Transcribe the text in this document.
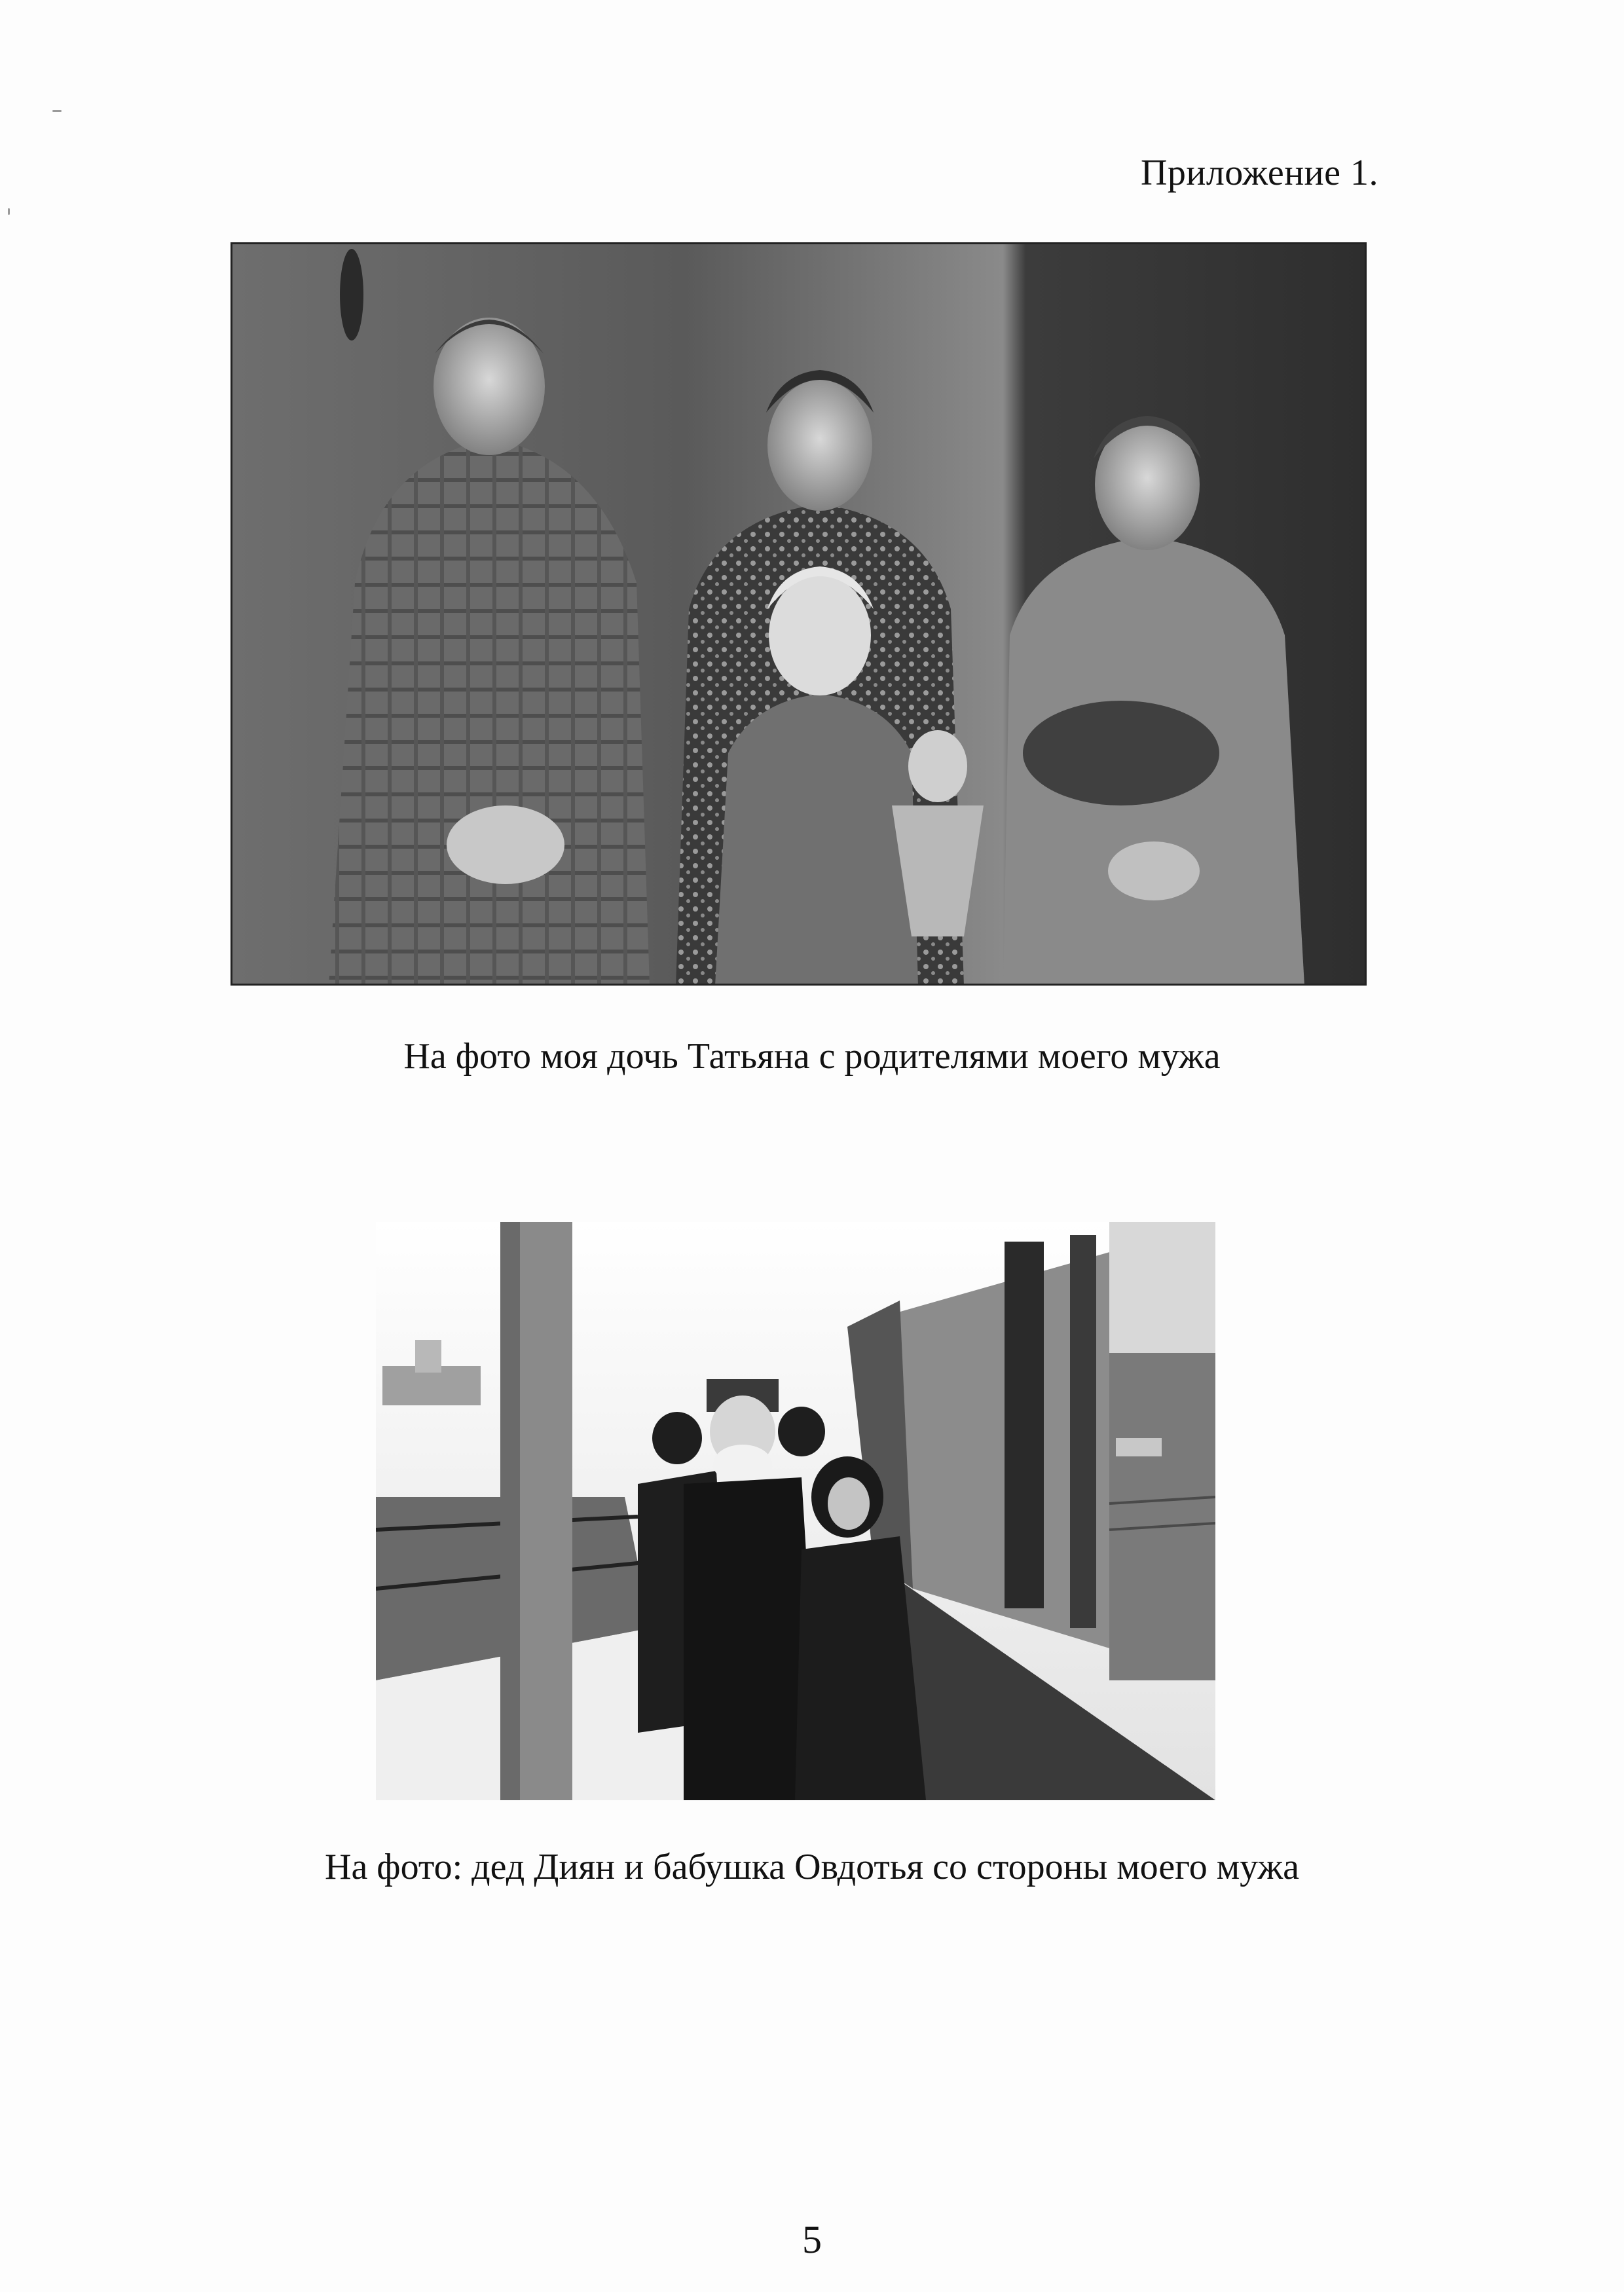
Приложение 1.
На фото моя дочь Татьяна с родителями моего мужа
На фото: дед Диян и бабушка Овдотья со стороны моего мужа
5
